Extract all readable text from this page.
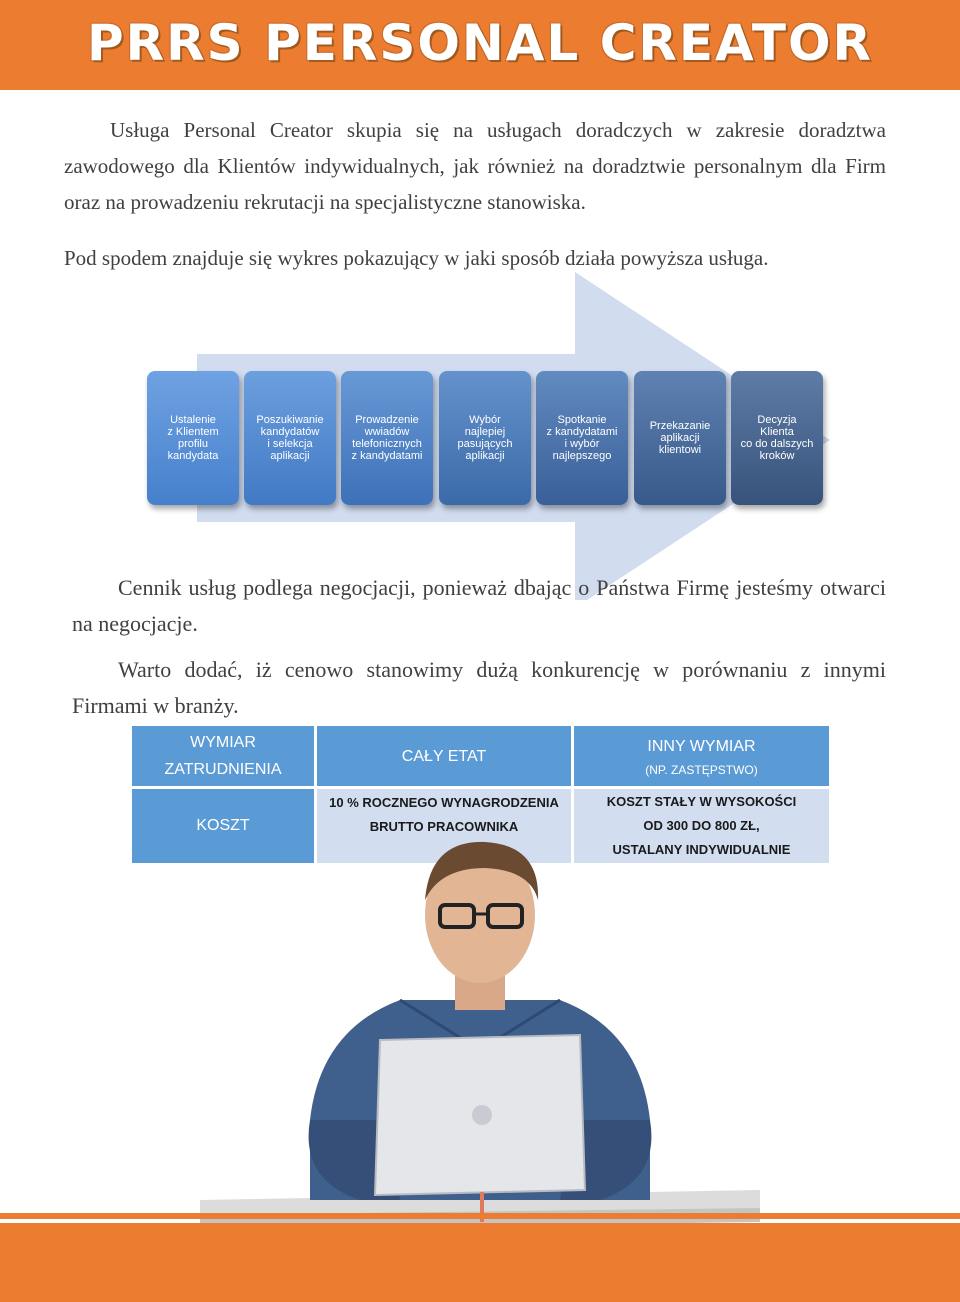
PRRS PERSONAL CREATOR

Usługa Personal Creator skupia się na usługach doradczych w zakresie doradztwa zawodowego dla Klientów indywidualnych, jak również na doradztwie personalnym dla Firm oraz na prowadzeniu rekrutacji na specjalistyczne stanowiska.

Pod spodem znajduje się wykres pokazujący w jaki sposób działa powyższa usługa.

Ustalenie
z Klientem
profilu
kandydata
Poszukiwanie
kandydatów
i selekcja
aplikacji
Prowadzenie
wwiadów
telefonicznych
z kandydatami
Wybór
najlepiej
pasujących
aplikacji
Spotkanie
z kandydatami
i wybór
najlepszego
Przekazanie
aplikacji
klientowi
Decyzja
Klienta
co do dalszych
kroków

Cennik usług podlega negocjacji, ponieważ dbając o Państwa Firmę jesteśmy otwarci na negocjacje.

Warto dodać, iż cenowo stanowimy dużą konkurencję w porównaniu z innymi Firmami w branży.

WYMIAR ZATRUDNIENIA
CAŁY ETAT
INNY WYMIAR
(NP. ZASTĘPSTWO)
KOSZT
10 % ROCZNEGO WYNAGRODZENIA
BRUTTO PRACOWNIKA
KOSZT STAŁY W WYSOKOŚCI
OD 300 DO 800 ZŁ,
USTALANY INDYWIDUALNIE
